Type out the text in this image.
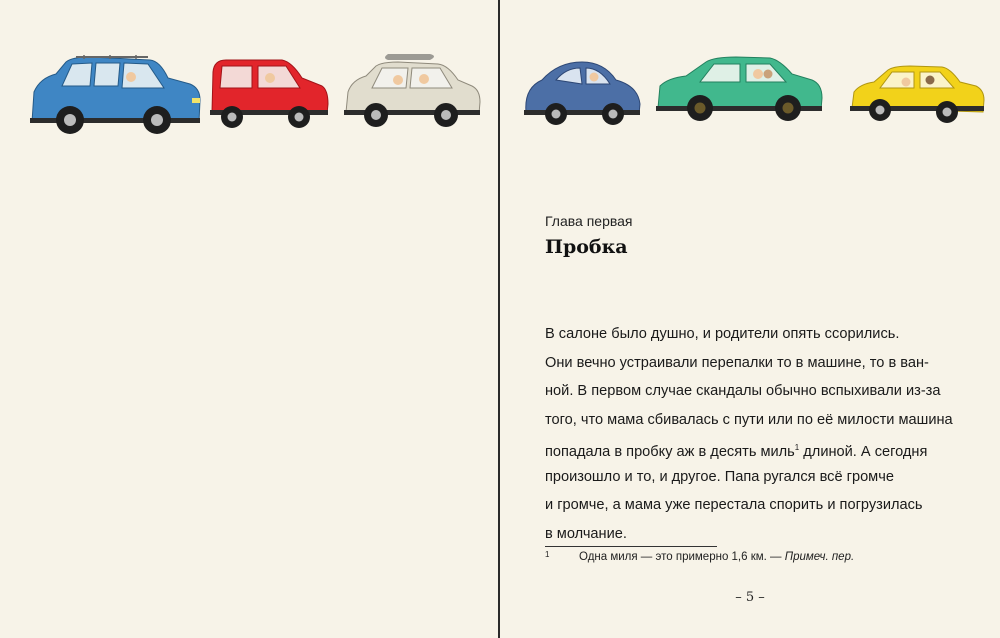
Глава первая
Пробка
В салоне было душно, и родители опять ссорились.
Они вечно устраивали перепалки то в машине, то в ван-
ной. В первом случае скандалы обычно вспыхивали из-за
того, что мама сбивалась с пути или по её милости машина
попадала в пробку аж в десять миль$^1$ длиной. А сегодня
произошло и то, и другое. Папа ругался всё громче
и громче, а мама уже перестала спорить и погрузилась
в молчание.
1	Одна миля — это примерно 1,6 км. — Примеч. пер.
– 5 –
